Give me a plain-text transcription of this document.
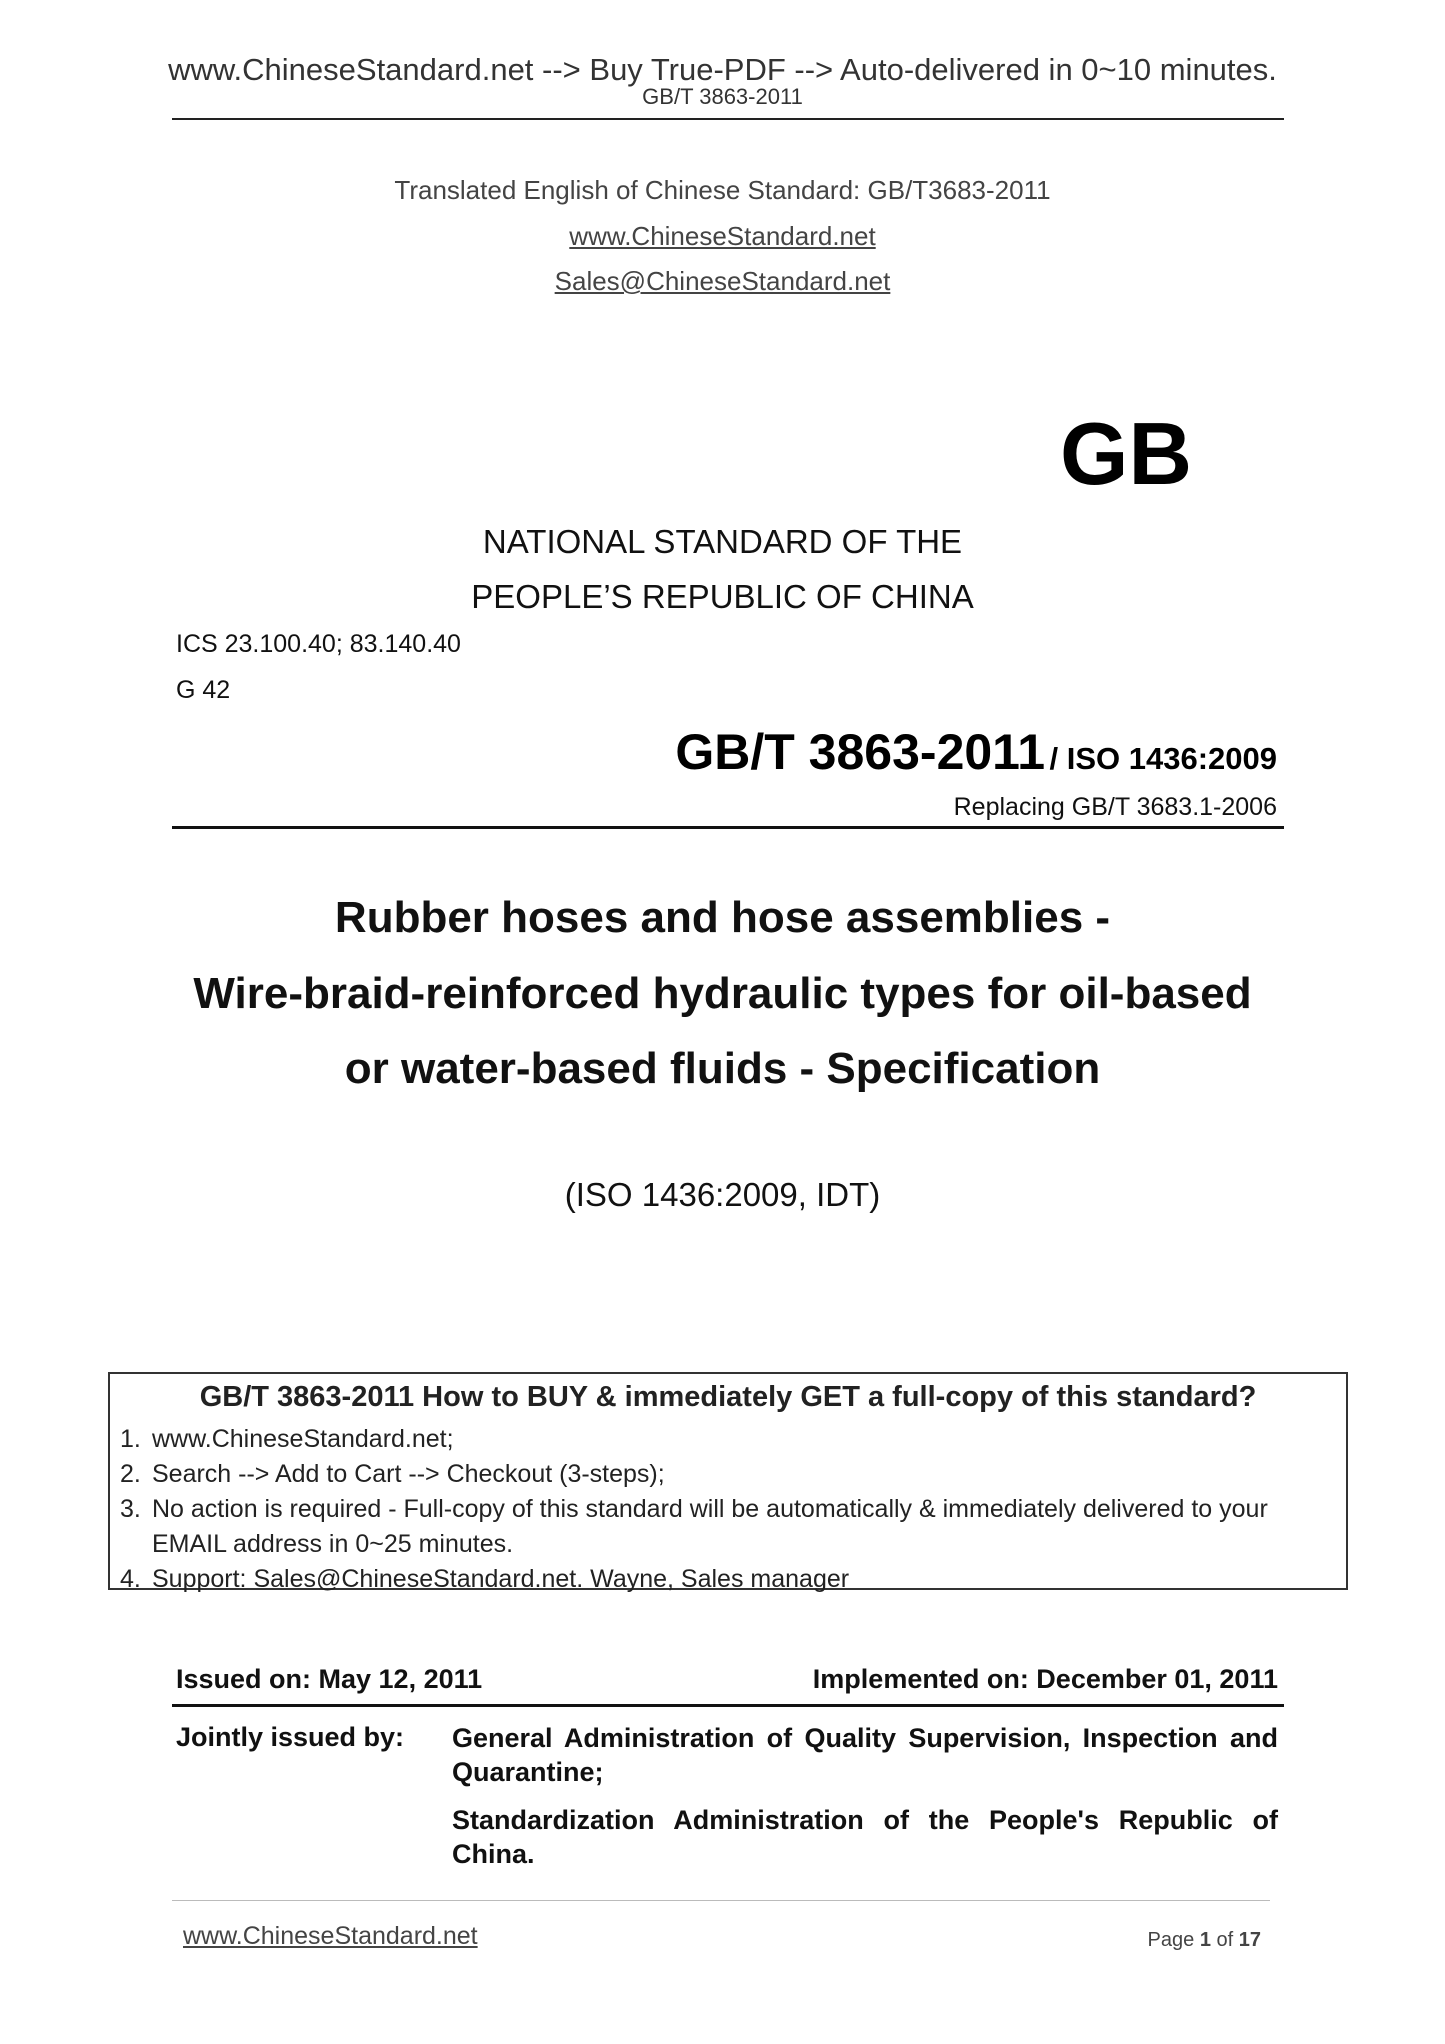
www.ChineseStandard.net --> Buy True-PDF --> Auto-delivered in 0~10 minutes.
GB/T 3863-2011
Translated English of Chinese Standard: GB/T3683-2011
www.ChineseStandard.net
Sales@ChineseStandard.net
GB
NATIONAL STANDARD OF THE
PEOPLE’S REPUBLIC OF CHINA
ICS 23.100.40; 83.140.40
G 42
GB/T 3863-2011 / ISO 1436:2009
Replacing GB/T 3683.1-2006
Rubber hoses and hose assemblies -
Wire-braid-reinforced hydraulic types for oil-based
or water-based fluids - Specification
(ISO 1436:2009, IDT)
GB/T 3863-2011 How to BUY & immediately GET a full-copy of this standard?
1. www.ChineseStandard.net;
2. Search --> Add to Cart --> Checkout (3-steps);
3. No action is required - Full-copy of this standard will be automatically & immediately delivered to your EMAIL address in 0~25 minutes.
4. Support: Sales@ChineseStandard.net. Wayne, Sales manager
Issued on: May 12, 2011	Implemented on: December 01, 2011
Jointly issued by: General Administration of Quality Supervision, Inspection and Quarantine;
Standardization Administration of the People's Republic of China.
www.ChineseStandard.net	Page 1 of 17
